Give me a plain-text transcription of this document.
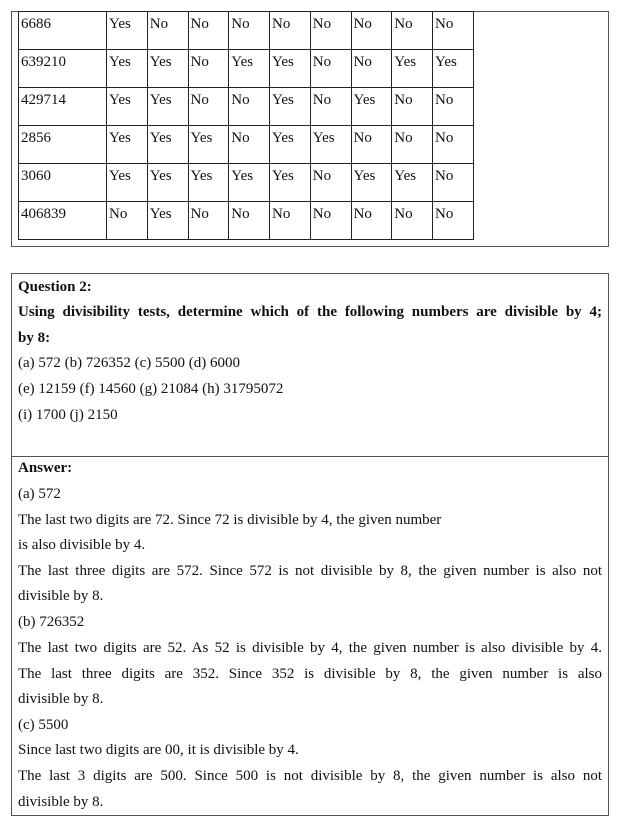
6686	Yes	No	No	No	No	No	No	No	No
639210	Yes	Yes	No	Yes	Yes	No	No	Yes	Yes
429714	Yes	Yes	No	No	Yes	No	Yes	No	No
2856	Yes	Yes	Yes	No	Yes	Yes	No	No	No
3060	Yes	Yes	Yes	Yes	Yes	No	Yes	Yes	No
406839	No	Yes	No	No	No	No	No	No	No
Question 2:
Using divisibility tests, determine which of the following numbers are divisible by 4;
by 8:
(a) 572 (b) 726352 (c) 5500 (d) 6000
(e) 12159 (f) 14560 (g) 21084 (h) 31795072
(i) 1700 (j) 2150
Answer:
(a) 572
The last two digits are 72. Since 72 is divisible by 4, the given number
is also divisible by 4.
The last three digits are 572. Since 572 is not divisible by 8, the given number is also not
divisible by 8.
(b) 726352
The last two digits are 52. As 52 is divisible by 4, the given number is also divisible by 4.
The last three digits are 352. Since 352 is divisible by 8, the given number is also
divisible by 8.
(c) 5500
Since last two digits are 00, it is divisible by 4.
The last 3 digits are 500. Since 500 is not divisible by 8, the given number is also not
divisible by 8.
